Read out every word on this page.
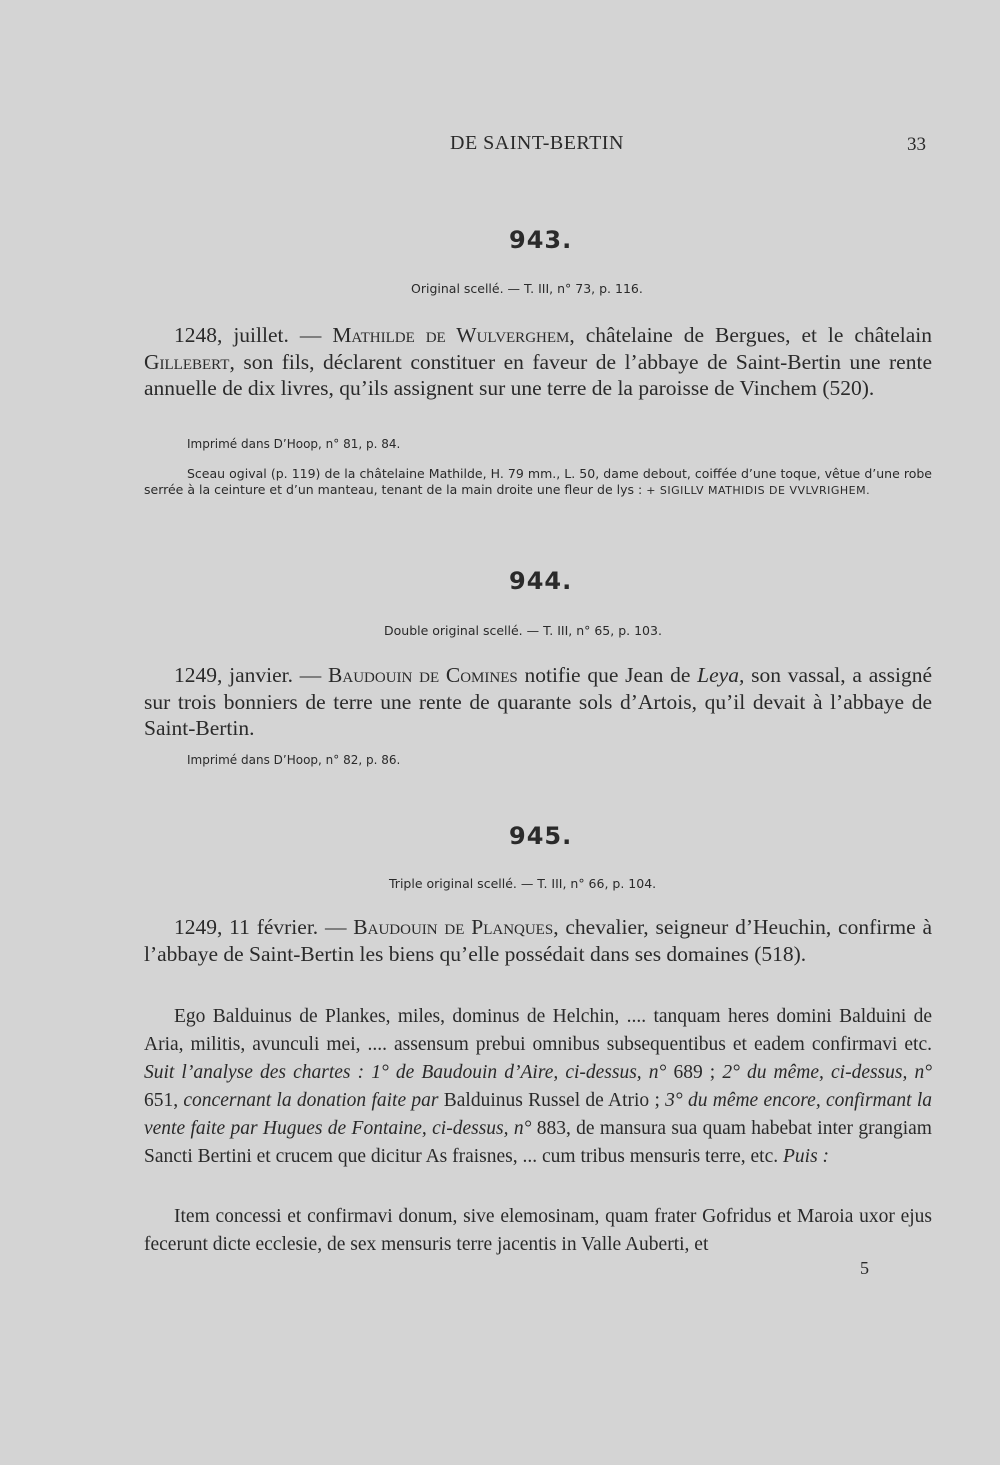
DE SAINT-BERTIN	33
943.
Original scellé. — T. III, n° 73, p. 116.
1248, juillet. — Mathilde de Wulverghem, châtelaine de Bergues, et le châtelain Gillebert, son fils, déclarent constituer en faveur de l’abbaye de Saint-Bertin une rente annuelle de dix livres, qu’ils assignent sur une terre de la paroisse de Vinchem (520).
Imprimé dans D’Hoop, n° 81, p. 84.
Sceau ogival (p. 119) de la châtelaine Mathilde, H. 79 mm., L. 50, dame debout, coiffée d’une toque, vêtue d’une robe serrée à la ceinture et d’un manteau, tenant de la main droite une fleur de lys : + SIGILLV MATHIDIS DE VVLVRIGHEM.
944.
Double original scellé. — T. III, n° 65, p. 103.
1249, janvier. — Baudouin de Comines notifie que Jean de Leya, son vassal, a assigné sur trois bonniers de terre une rente de quarante sols d’Artois, qu’il devait à l’abbaye de Saint-Bertin.
Imprimé dans D’Hoop, n° 82, p. 86.
945.
Triple original scellé. — T. III, n° 66, p. 104.
1249, 11 février. — Baudouin de Planques, chevalier, seigneur d’Heuchin, confirme à l’abbaye de Saint-Bertin les biens qu’elle possédait dans ses domaines (518).
Ego Balduinus de Plankes, miles, dominus de Helchin, .... tanquam heres domini Balduini de Aria, militis, avunculi mei, .... assensum prebui omnibus subsequentibus et eadem confirmavi etc. Suit l’analyse des chartes : 1° de Baudouin d’Aire, ci-dessus, n° 689 ; 2° du même, ci-dessus, n° 651, concernant la donation faite par Balduinus Russel de Atrio ; 3° du même encore, confirmant la vente faite par Hugues de Fontaine, ci-dessus, n° 883, de mansura sua quam habebat inter grangiam Sancti Bertini et crucem que dicitur As fraisnes, ... cum tribus mensuris terre, etc. Puis :
Item concessi et confirmavi donum, sive elemosinam, quam frater Gofridus et Maroia uxor ejus fecerunt dicte ecclesie, de sex mensuris terre jacentis in Valle Auberti, et
5
